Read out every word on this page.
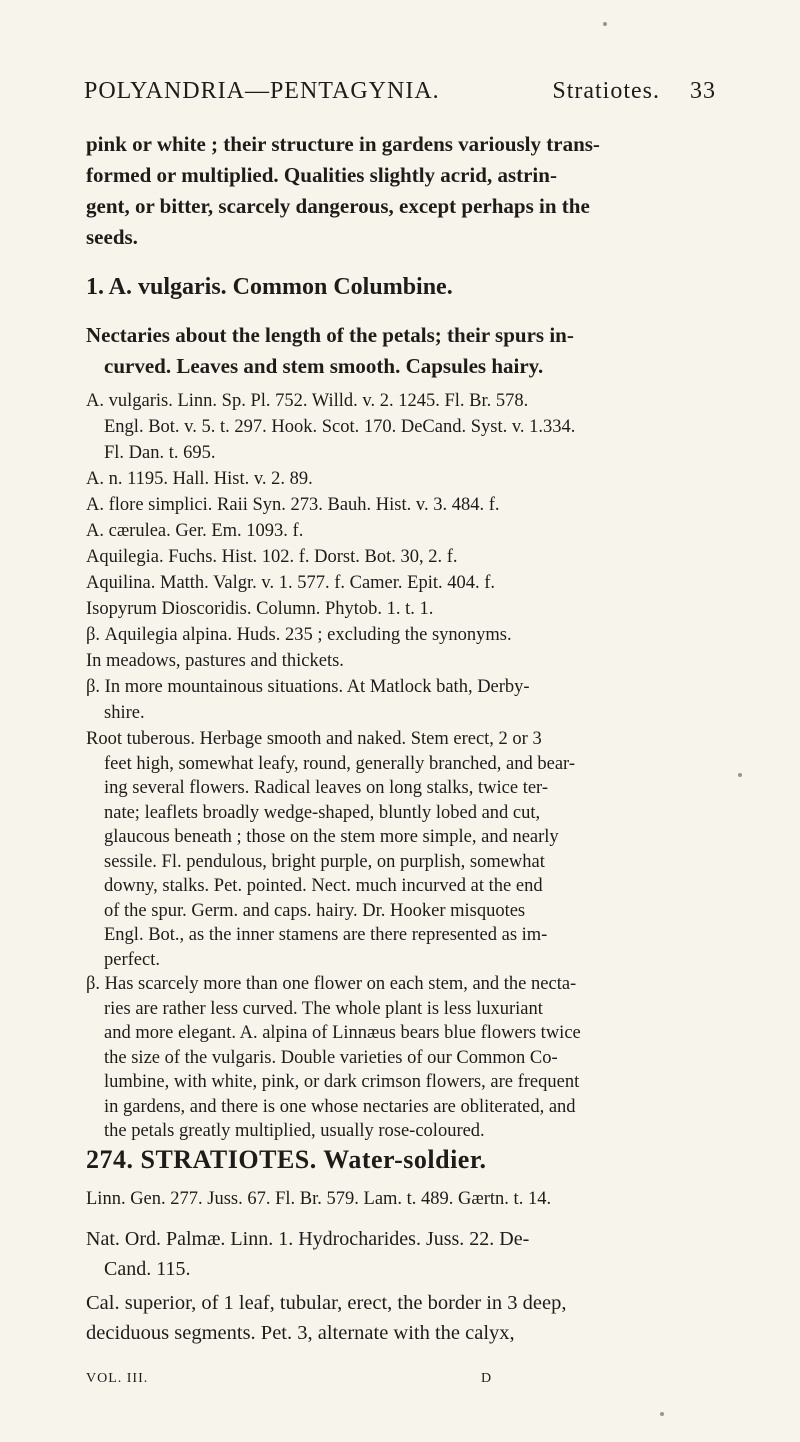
POLYANDRIA—PENTAGYNIA.	Stratiotes. 33
pink or white ; their structure in gardens variously trans-
formed or multiplied. Qualities slightly acrid, astrin-
gent, or bitter, scarcely dangerous, except perhaps in the
seeds.
1. A. vulgaris. Common Columbine.
Nectaries about the length of the petals; their spurs in-
curved. Leaves and stem smooth. Capsules hairy.
A. vulgaris. Linn. Sp. Pl. 752. Willd. v. 2. 1245. Fl. Br. 578.
Engl. Bot. v. 5. t. 297. Hook. Scot. 170. DeCand. Syst. v. 1.334.
Fl. Dan. t. 695.
A. n. 1195. Hall. Hist. v. 2. 89.
A. flore simplici. Raii Syn. 273. Bauh. Hist. v. 3. 484. f.
A. cærulea. Ger. Em. 1093. f.
Aquilegia. Fuchs. Hist. 102. f. Dorst. Bot. 30, 2. f.
Aquilina. Matth. Valgr. v. 1. 577. f. Camer. Epit. 404. f.
Isopyrum Dioscoridis. Column. Phytob. 1. t. 1.
β. Aquilegia alpina. Huds. 235 ; excluding the synonyms.
In meadows, pastures and thickets.
β. In more mountainous situations. At Matlock bath, Derby-
shire.
Root tuberous. Herbage smooth and naked. Stem erect, 2 or 3
feet high, somewhat leafy, round, generally branched, and bear-
ing several flowers. Radical leaves on long stalks, twice ter-
nate; leaflets broadly wedge-shaped, bluntly lobed and cut,
glaucous beneath ; those on the stem more simple, and nearly
sessile. Fl. pendulous, bright purple, on purplish, somewhat
downy, stalks. Pet. pointed. Nect. much incurved at the end
of the spur. Germ. and caps. hairy. Dr. Hooker misquotes
Engl. Bot., as the inner stamens are there represented as im-
perfect.
β. Has scarcely more than one flower on each stem, and the necta-
ries are rather less curved. The whole plant is less luxuriant
and more elegant. A. alpina of Linnæus bears blue flowers twice
the size of the vulgaris. Double varieties of our Common Co-
lumbine, with white, pink, or dark crimson flowers, are frequent
in gardens, and there is one whose nectaries are obliterated, and
the petals greatly multiplied, usually rose-coloured.
274. STRATIOTES. Water-soldier.
Linn. Gen. 277. Juss. 67. Fl. Br. 579. Lam. t. 489. Gærtn. t. 14.
Nat. Ord. Palmæ. Linn. 1. Hydrocharides. Juss. 22. De-
Cand. 115.
Cal. superior, of 1 leaf, tubular, erect, the border in 3 deep,
deciduous segments. Pet. 3, alternate with the calyx,
VOL. III.	D
